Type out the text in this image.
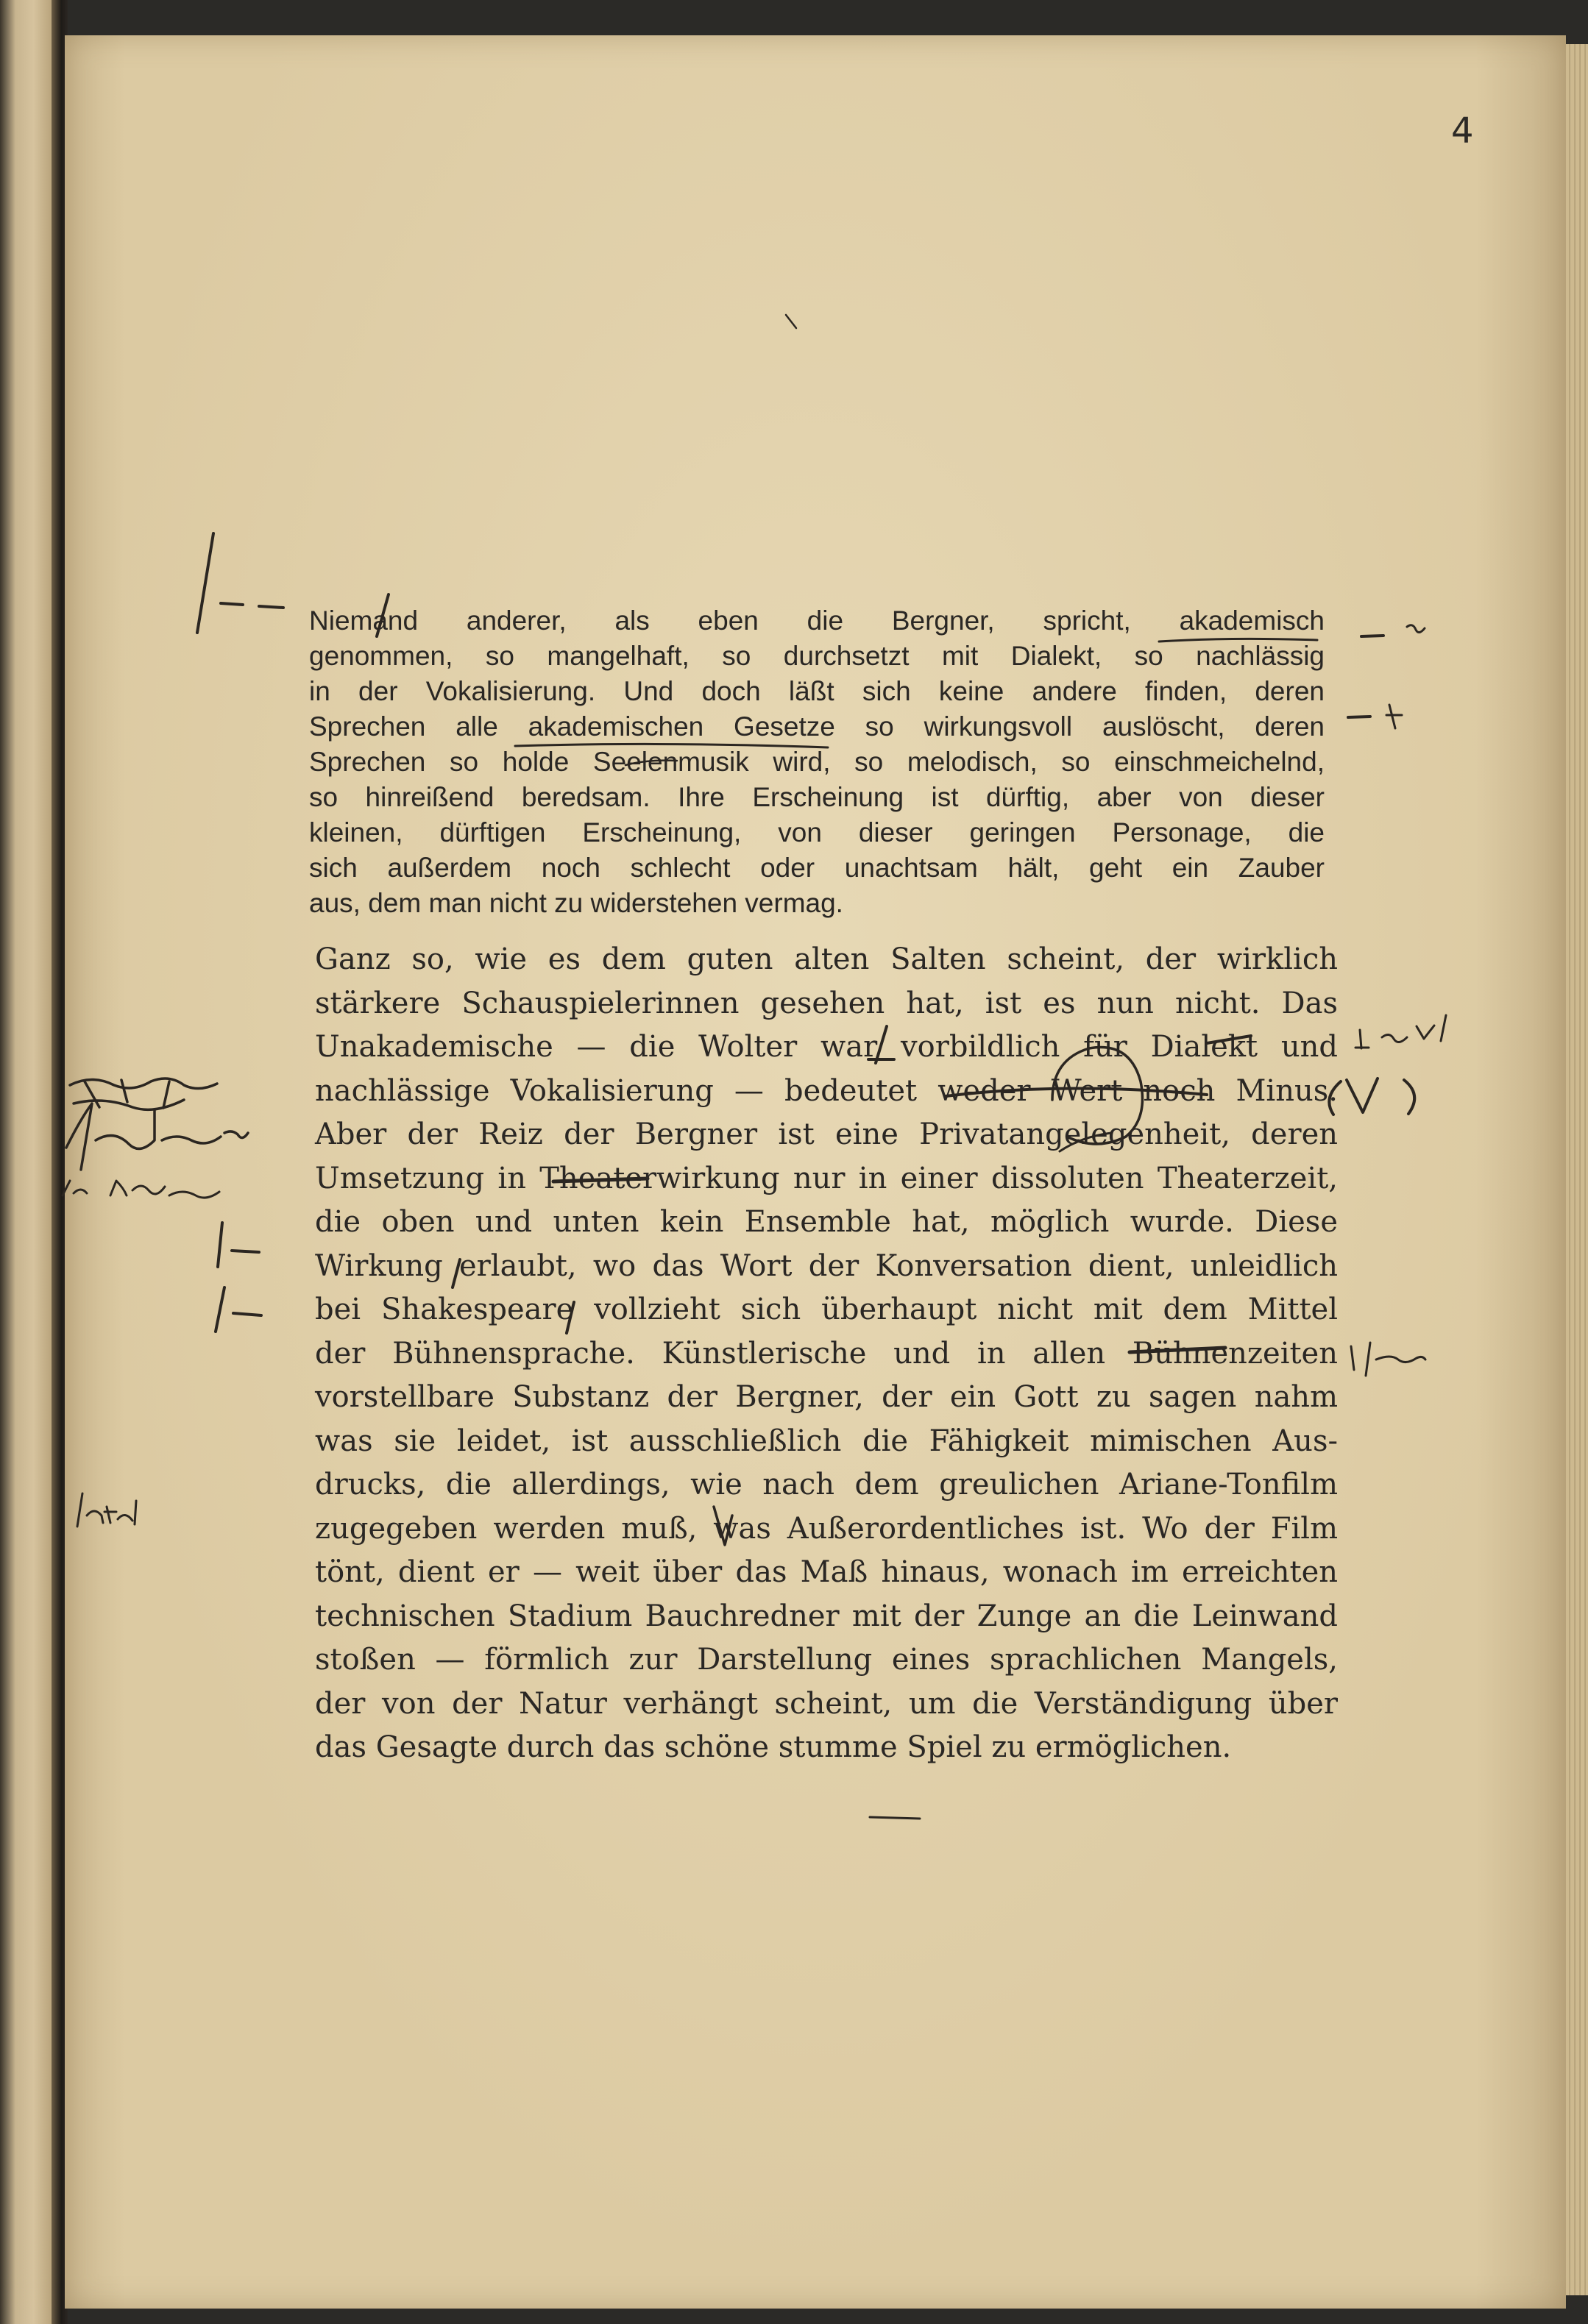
4
Niemand anderer, als eben die Bergner, spricht, akademisch
genommen, so mangelhaft, so durchsetzt mit Dialekt, so nachlässig
in der Vokalisierung. Und doch läßt sich keine andere finden, deren
Sprechen alle akademischen Gesetze so wirkungsvoll auslöscht, deren
Sprechen so holde Seelenmusik wird, so melodisch, so einschmeichelnd,
so hinreißend beredsam. Ihre Erscheinung ist dürftig, aber von dieser
kleinen, dürftigen Erscheinung, von dieser geringen Personage, die
sich außerdem noch schlecht oder unachtsam hält, geht ein Zauber
aus, dem man nicht zu widerstehen vermag.
Ganz so, wie es dem guten alten Salten scheint, der wirklich
stärkere Schauspielerinnen gesehen hat, ist es nun nicht. Das
Unakademische — die Wolter war vorbildlich für Dialekt und
nachlässige Vokalisierung — bedeutet weder Wert noch Minus.
Aber der Reiz der Bergner ist eine Privatangelegenheit, deren
Umsetzung in Theaterwirkung nur in einer dissoluten Theaterzeit,
die oben und unten kein Ensemble hat, möglich wurde. Diese
Wirkung erlaubt, wo das Wort der Konversation dient, unleidlich
bei Shakespeare vollzieht sich überhaupt nicht mit dem Mittel
der Bühnensprache. Künstlerische und in allen Bühnenzeiten
vorstellbare Substanz der Bergner, der ein Gott zu sagen nahm
was sie leidet, ist ausschließlich die Fähigkeit mimischen Aus-
drucks, die allerdings, wie nach dem greulichen Ariane-Tonfilm
zugegeben werden muß, was Außerordentliches ist. Wo der Film
tönt, dient er — weit über das Maß hinaus, wonach im erreichten
technischen Stadium Bauchredner mit der Zunge an die Leinwand
stoßen — förmlich zur Darstellung eines sprachlichen Mangels,
der von der Natur verhängt scheint, um die Verständigung über
das Gesagte durch das schöne stumme Spiel zu ermöglichen.
